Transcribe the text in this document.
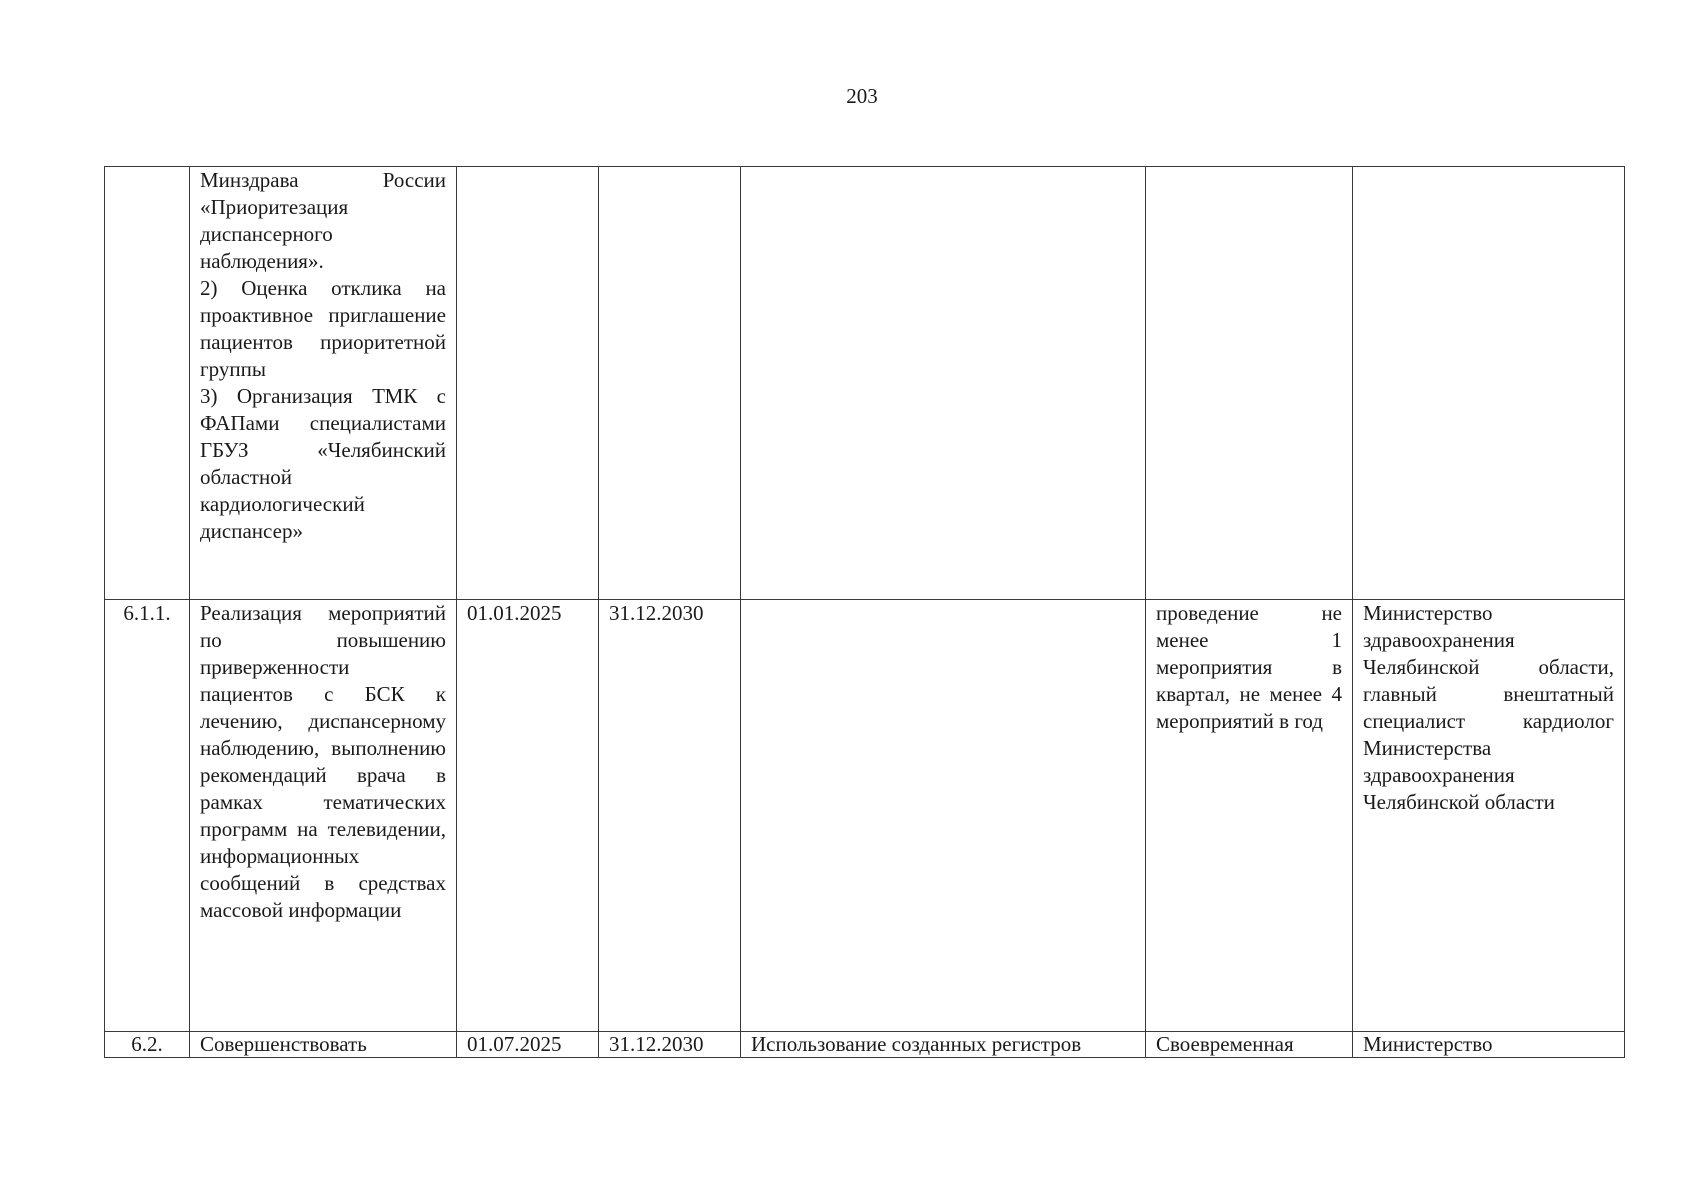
203
	Минздрава России «Приоритезация диспансерного наблюдения».
2) Оценка отклика на проактивное приглашение пациентов приоритетной группы
3) Организация ТМК с ФАПами специалистами ГБУЗ «Челябинский областной кардиологический диспансер»					
6.1.1.	Реализация мероприятий по повышению приверженности пациентов с БСК к лечению, диспансерному наблюдению, выполнению рекомендаций врача в рамках тематических программ на телевидении, информационных сообщений в средствах массовой информации	01.01.2025	31.12.2030		проведение не менее 1 мероприятия в квартал, не менее 4 мероприятий в год	Министерство здравоохранения Челябинской области, главный внештатный специалист кардиолог Министерства здравоохранения Челябинской области
6.2.	Совершенствовать	01.07.2025	31.12.2030	Использование созданных регистров	Своевременная	Министерство
